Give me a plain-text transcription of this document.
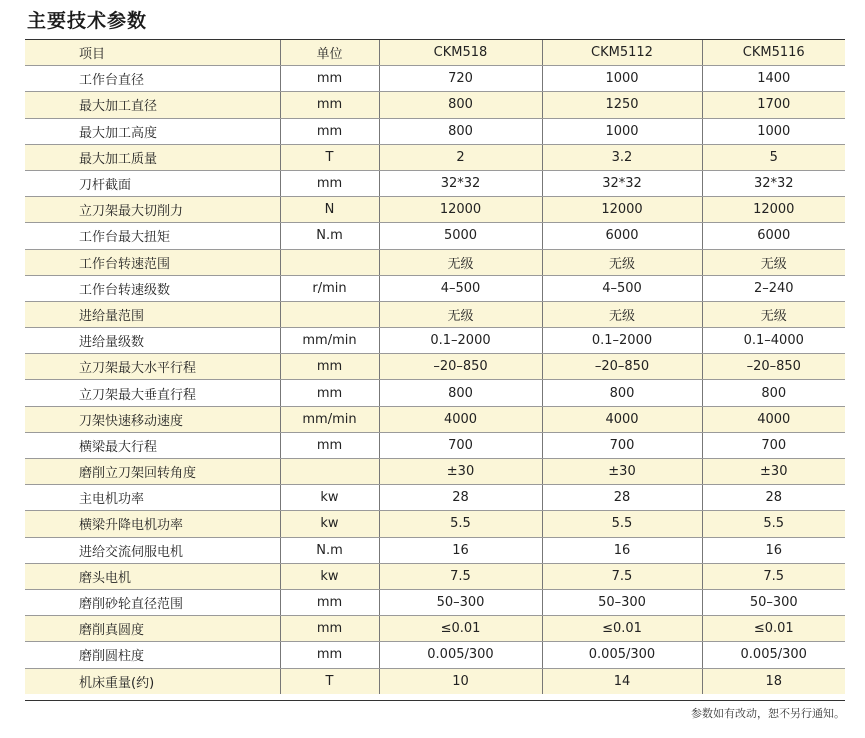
主要技术参数
项目	单位	CKM518	CKM5112	CKM5116
工作台直径	mm	720	1000	1400
最大加工直径	mm	800	1250	1700
最大加工高度	mm	800	1000	1000
最大加工质量	T	2	3.2	5
刀杆截面	mm	32*32	32*32	32*32
立刀架最大切削力	N	12000	12000	12000
工作台最大扭矩	N.m	5000	6000	6000
工作台转速范围		无级	无级	无级
工作台转速级数	r/min	4–500	4–500	2–240
进给量范围		无级	无级	无级
进给量级数	mm/min	0.1–2000	0.1–2000	0.1–4000
立刀架最大水平行程	mm	–20–850	–20–850	–20–850
立刀架最大垂直行程	mm	800	800	800
刀架快速移动速度	mm/min	4000	4000	4000
横梁最大行程	mm	700	700	700
磨削立刀架回转角度		±30	±30	±30
主电机功率	kw	28	28	28
横梁升降电机功率	kw	5.5	5.5	5.5
进给交流伺服电机	N.m	16	16	16
磨头电机	kw	7.5	7.5	7.5
磨削砂轮直径范围	mm	50–300	50–300	50–300
磨削真圆度	mm	≤0.01	≤0.01	≤0.01
磨削圆柱度	mm	0.005/300	0.005/300	0.005/300
机床重量(约)	T	10	14	18
参数如有改动，恕不另行通知。
